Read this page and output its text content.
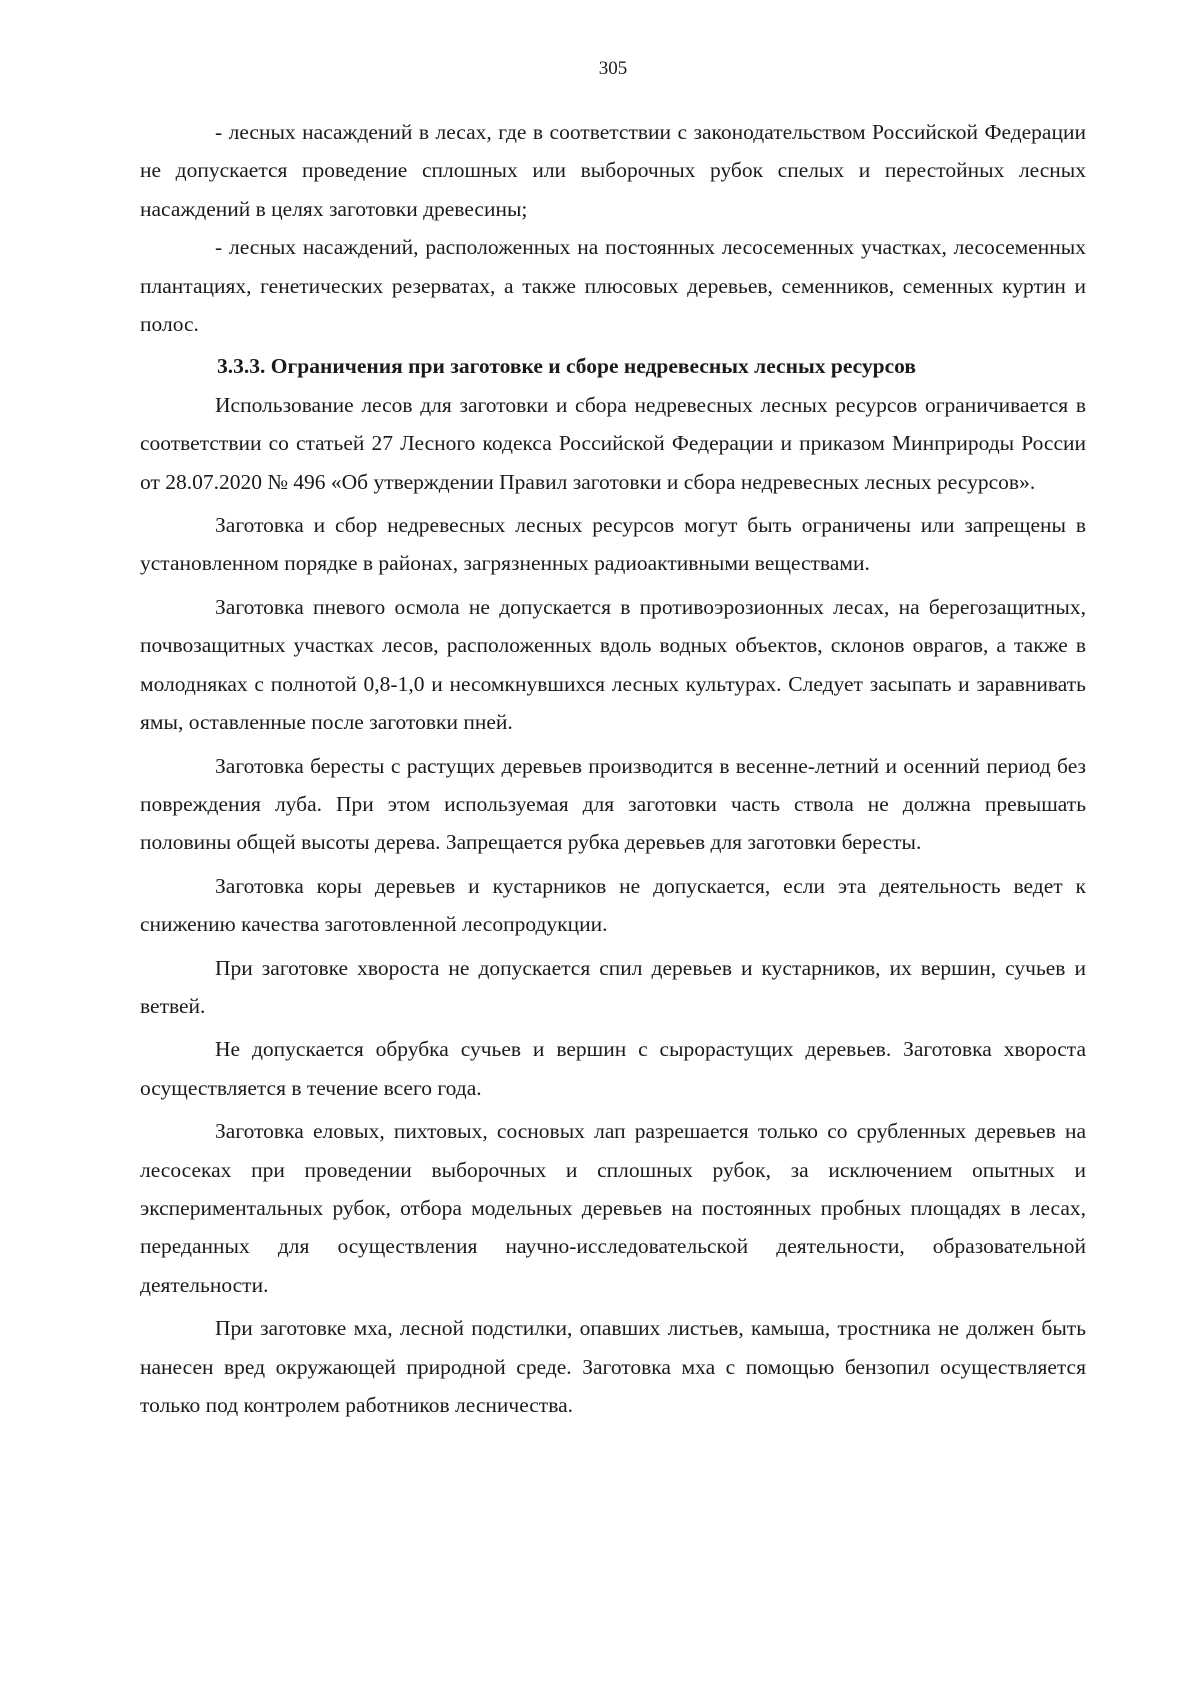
305

- лесных насаждений в лесах, где в соответствии с законодательством Российской Федерации не допускается проведение сплошных или выборочных рубок спелых и перестойных лесных насаждений в целях заготовки древесины;

- лесных насаждений, расположенных на постоянных лесосеменных участках, лесосеменных плантациях, генетических резерватах, а также плюсовых деревьев, семенников, семенных куртин и полос.

3.3.3. Ограничения при заготовке и сборе недревесных лесных ресурсов

Использование лесов для заготовки и сбора недревесных лесных ресурсов ограничивается в соответствии со статьей 27 Лесного кодекса Российской Федерации и приказом Минприроды России от 28.07.2020 № 496 «Об утверждении Правил заготовки и сбора недревесных лесных ресурсов».

Заготовка и сбор недревесных лесных ресурсов могут быть ограничены или запрещены в установленном порядке в районах, загрязненных радиоактивными веществами.

Заготовка пневого осмола не допускается в противоэрозионных лесах, на берегозащитных, почвозащитных участках лесов, расположенных вдоль водных объектов, склонов оврагов, а также в молодняках с полнотой 0,8-1,0 и несомкнувшихся лесных культурах. Следует засыпать и заравнивать ямы, оставленные после заготовки пней.

Заготовка бересты с растущих деревьев производится в весенне-летний и осенний период без повреждения луба. При этом используемая для заготовки часть ствола не должна превышать половины общей высоты дерева. Запрещается рубка деревьев для заготовки бересты.

Заготовка коры деревьев и кустарников не допускается, если эта деятельность ведет к снижению качества заготовленной лесопродукции.

При заготовке хвороста не допускается спил деревьев и кустарников, их вершин, сучьев и ветвей.

Не допускается обрубка сучьев и вершин с сырорастущих деревьев. Заготовка хвороста осуществляется в течение всего года.

Заготовка еловых, пихтовых, сосновых лап разрешается только со срубленных деревьев на лесосеках при проведении выборочных и сплошных рубок, за исключением опытных и экспериментальных рубок, отбора модельных деревьев на постоянных пробных площадях в лесах, переданных для осуществления научно-исследовательской деятельности, образовательной деятельности.

При заготовке мха, лесной подстилки, опавших листьев, камыша, тростника не должен быть нанесен вред окружающей природной среде. Заготовка мха с помощью бензопил осуществляется только под контролем работников лесничества.
